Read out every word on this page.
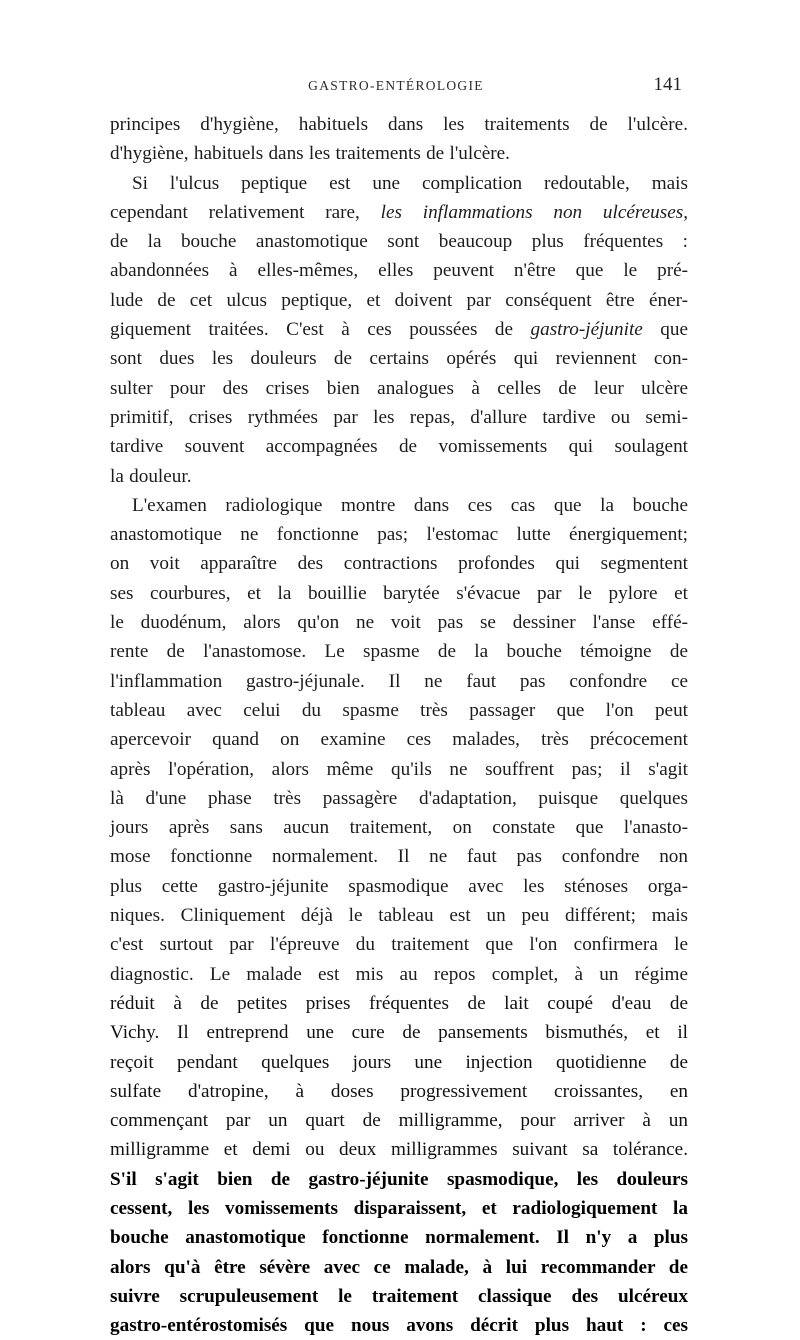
GASTRO-ENTÉROLOGIE	141
principes d'hygiène, habituels dans les traitements de l'ulcère.
d'hygiène, habituels dans les traitements de l'ulcère.
Si l'ulcus peptique est une complication redoutable, mais
cependant relativement rare, les inflammations non ulcéreuses,
de la bouche anastomotique sont beaucoup plus fréquentes :
abandonnées à elles-mêmes, elles peuvent n'être que le pré-
lude de cet ulcus peptique, et doivent par conséquent être éner-
giquement traitées. C'est à ces poussées de gastro-jéjunite que
sont dues les douleurs de certains opérés qui reviennent con-
sulter pour des crises bien analogues à celles de leur ulcère
primitif, crises rythmées par les repas, d'allure tardive ou semi-
tardive souvent accompagnées de vomissements qui soulagent
la douleur.
L'examen radiologique montre dans ces cas que la bouche
anastomotique ne fonctionne pas; l'estomac lutte énergiquement;
on voit apparaître des contractions profondes qui segmentent
ses courbures, et la bouillie barytée s'évacue par le pylore et
le duodénum, alors qu'on ne voit pas se dessiner l'anse effé-
rente de l'anastomose. Le spasme de la bouche témoigne de
l'inflammation gastro-jéjunale. Il ne faut pas confondre ce
tableau avec celui du spasme très passager que l'on peut
apercevoir quand on examine ces malades, très précocement
après l'opération, alors même qu'ils ne souffrent pas; il s'agit
là d'une phase très passagère d'adaptation, puisque quelques
jours après sans aucun traitement, on constate que l'anasto-
mose fonctionne normalement. Il ne faut pas confondre non
plus cette gastro-jéjunite spasmodique avec les sténoses orga-
niques. Cliniquement déjà le tableau est un peu différent; mais
c'est surtout par l'épreuve du traitement que l'on confirmera le
diagnostic. Le malade est mis au repos complet, à un régime
réduit à de petites prises fréquentes de lait coupé d'eau de
Vichy. Il entreprend une cure de pansements bismuthés, et il
reçoit pendant quelques jours une injection quotidienne de
sulfate d'atropine, à doses progressivement croissantes, en
commençant par un quart de milligramme, pour arriver à un
milligramme et demi ou deux milligrammes suivant sa tolérance.
S'il s'agit bien de gastro-jéjunite spasmodique, les douleurs
cessent, les vomissements disparaissent, et radiologiquement la
bouche anastomotique fonctionne normalement. Il n'y a plus
alors qu'à être sévère avec ce malade, à lui recommander de
suivre scrupuleusement le traitement classique des ulcéreux
gastro-entérostomisés que nous avons décrit plus haut : ces
